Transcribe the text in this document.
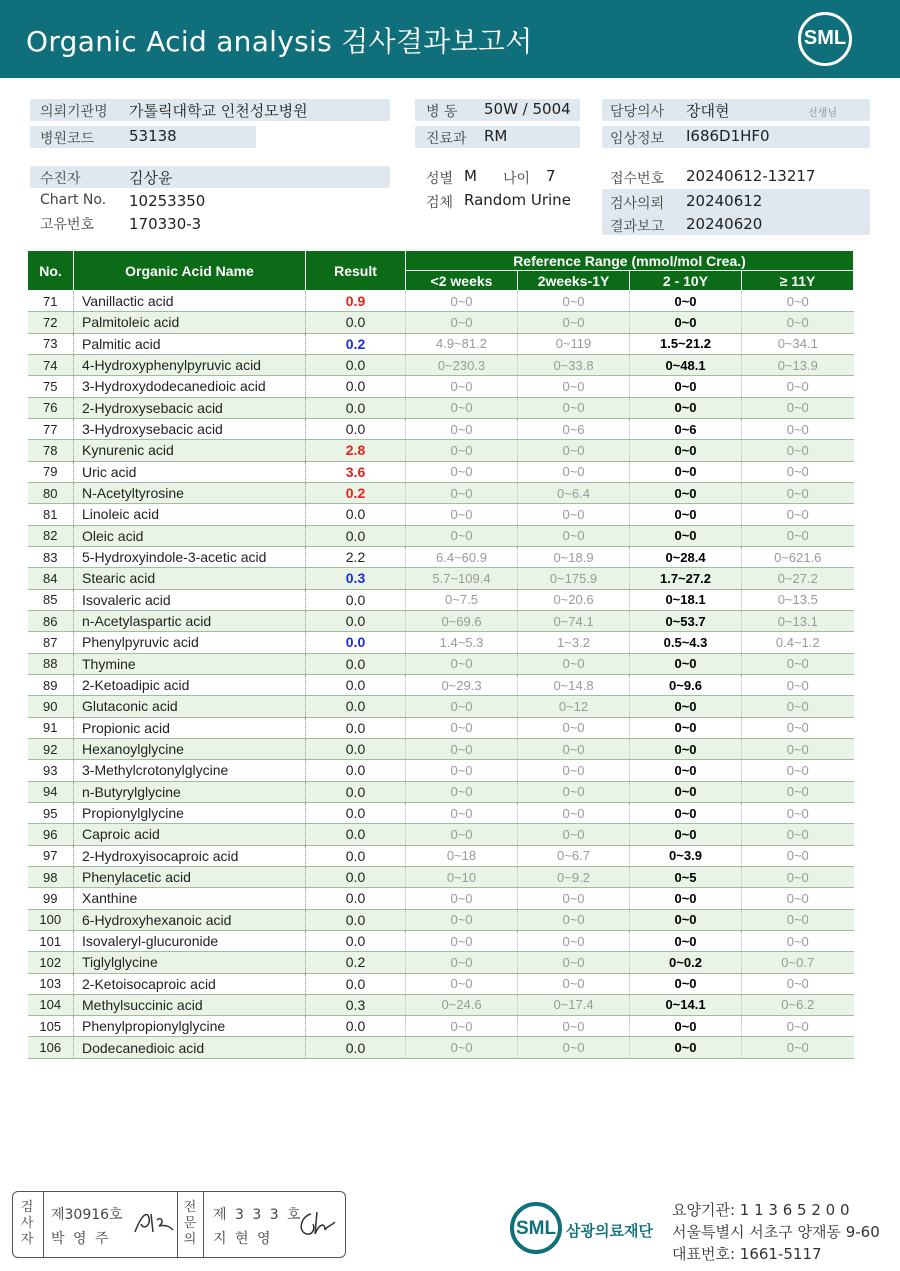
Organic Acid analysis 검사결과보고서	SML
의뢰기관명 가톨릭대학교 인천성모병원
병원코드 53138
병 동 50W / 5004
진료과 RM
담당의사 장대현	선생님
임상정보 I686D1HF0
수진자	김상윤
Chart No. 10253350
고유번호 170330-3
성별 M 나이 7
검체 Random Urine
접수번호 20240612-13217
검사의뢰 20240612
결과보고 20240620
No.	Organic Acid Name	Result	Reference Range (mmol/mol Crea.)			
			<2 weeks	2weeks-1Y	2 - 10Y	≥ 11Y
71	Vanillactic acid	0.9	0~0	0~0	0~0	0~0
72	Palmitoleic acid	0.0	0~0	0~0	0~0	0~0
73	Palmitic acid	0.2	4.9~81.2	0~119	1.5~21.2	0~34.1
74	4-Hydroxyphenylpyruvic acid	0.0	0~230.3	0~33.8	0~48.1	0~13.9
75	3-Hydroxydodecanedioic acid	0.0	0~0	0~0	0~0	0~0
76	2-Hydroxysebacic acid	0.0	0~0	0~0	0~0	0~0
77	3-Hydroxysebacic acid	0.0	0~0	0~6	0~6	0~0
78	Kynurenic acid	2.8	0~0	0~0	0~0	0~0
79	Uric acid	3.6	0~0	0~0	0~0	0~0
80	N-Acetyltyrosine	0.2	0~0	0~6.4	0~0	0~0
81	Linoleic acid	0.0	0~0	0~0	0~0	0~0
82	Oleic acid	0.0	0~0	0~0	0~0	0~0
83	5-Hydroxyindole-3-acetic acid	2.2	6.4~60.9	0~18.9	0~28.4	0~621.6
84	Stearic acid	0.3	5.7~109.4	0~175.9	1.7~27.2	0~27.2
85	Isovaleric acid	0.0	0~7.5	0~20.6	0~18.1	0~13.5
86	n-Acetylaspartic acid	0.0	0~69.6	0~74.1	0~53.7	0~13.1
87	Phenylpyruvic acid	0.0	1.4~5.3	1~3.2	0.5~4.3	0.4~1.2
88	Thymine	0.0	0~0	0~0	0~0	0~0
89	2-Ketoadipic acid	0.0	0~29.3	0~14.8	0~9.6	0~0
90	Glutaconic acid	0.0	0~0	0~12	0~0	0~0
91	Propionic acid	0.0	0~0	0~0	0~0	0~0
92	Hexanoylglycine	0.0	0~0	0~0	0~0	0~0
93	3-Methylcrotonylglycine	0.0	0~0	0~0	0~0	0~0
94	n-Butyrylglycine	0.0	0~0	0~0	0~0	0~0
95	Propionylglycine	0.0	0~0	0~0	0~0	0~0
96	Caproic acid	0.0	0~0	0~0	0~0	0~0
97	2-Hydroxyisocaproic acid	0.0	0~18	0~6.7	0~3.9	0~0
98	Phenylacetic acid	0.0	0~10	0~9.2	0~5	0~0
99	Xanthine	0.0	0~0	0~0	0~0	0~0
100	6-Hydroxyhexanoic acid	0.0	0~0	0~0	0~0	0~0
101	Isovaleryl-glucuronide	0.0	0~0	0~0	0~0	0~0
102	Tiglylglycine	0.2	0~0	0~0	0~0.2	0~0.7
103	2-Ketoisocaproic acid	0.0	0~0	0~0	0~0	0~0
104	Methylsuccinic acid	0.3	0~24.6	0~17.4	0~14.1	0~6.2
105	Phenylpropionylglycine	0.0	0~0	0~0	0~0	0~0
106	Dodecanedioic acid	0.0	0~0	0~0	0~0	0~0
검
사
자
제30916호
박 영 주
전
문
의
제 3 3 3 호
지 현 영	SML 삼광의료재단
요양기관: 1 1 3 6 5 2 0 0
서울특별시 서초구 양재동 9-60
대표번호: 1661-5117
